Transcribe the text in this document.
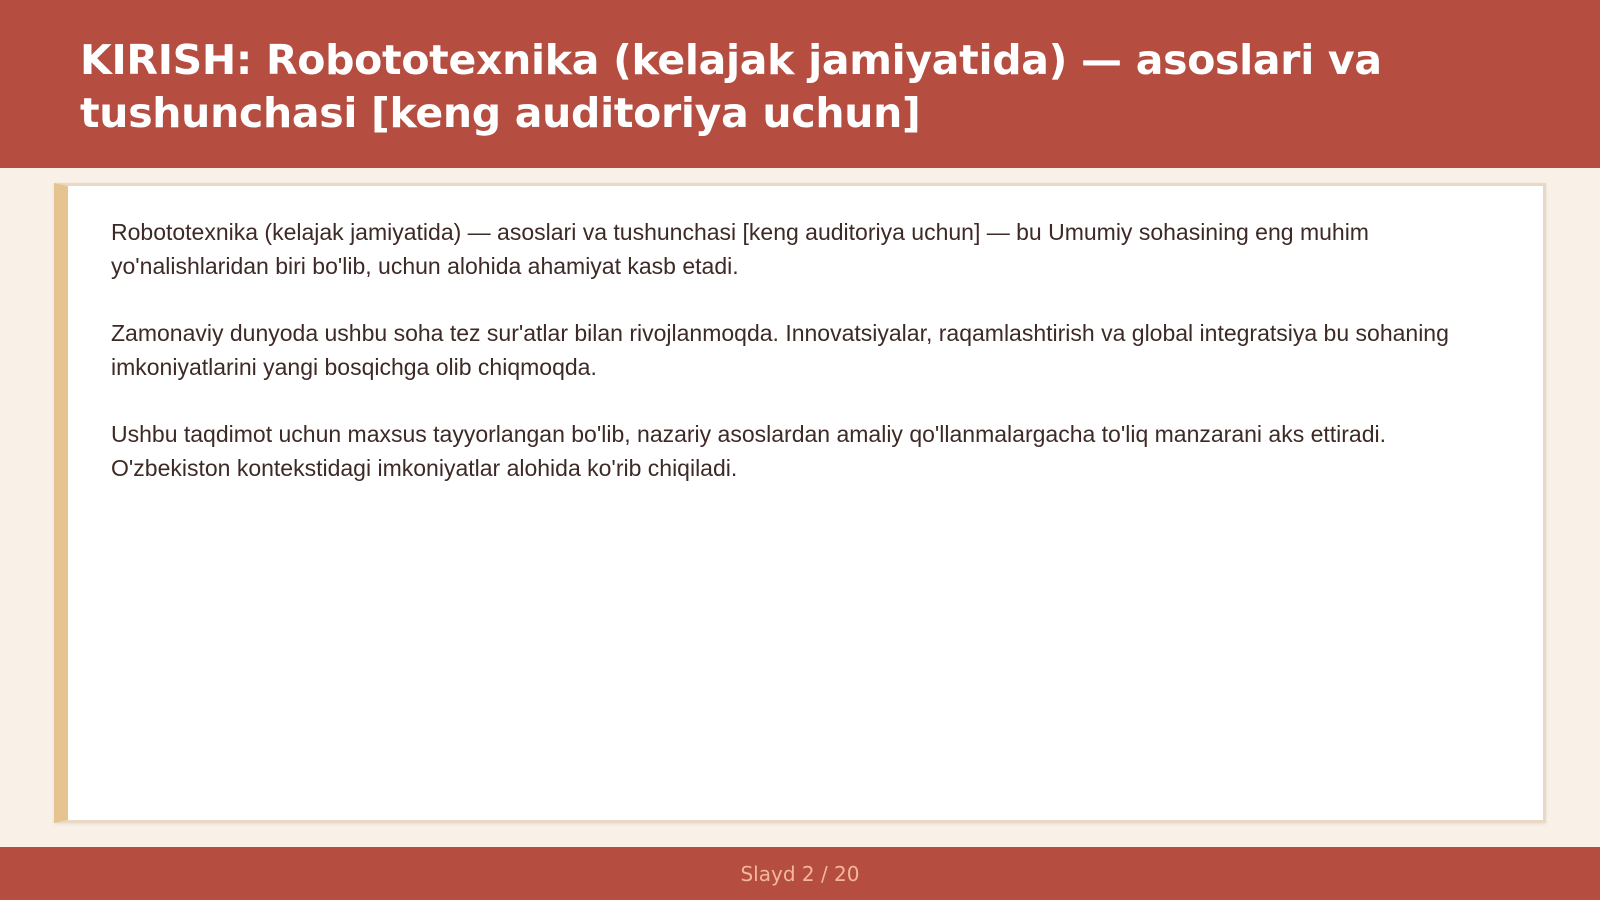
KIRISH: Robototexnika (kelajak jamiyatida) — asoslari va tushunchasi [keng auditoriya uchun]

Robototexnika (kelajak jamiyatida) — asoslari va tushunchasi [keng auditoriya uchun] — bu Umumiy sohasining eng muhim yo'nalishlaridan biri bo'lib, uchun alohida ahamiyat kasb etadi.

Zamonaviy dunyoda ushbu soha tez sur'atlar bilan rivojlanmoqda. Innovatsiyalar, raqamlashtirish va global integratsiya bu sohaning imkoniyatlarini yangi bosqichga olib chiqmoqda.

Ushbu taqdimot uchun maxsus tayyorlangan bo'lib, nazariy asoslardan amaliy qo'llanmalargacha to'liq manzarani aks ettiradi. O'zbekiston kontekstidagi imkoniyatlar alohida ko'rib chiqiladi.

Slayd 2 / 20
